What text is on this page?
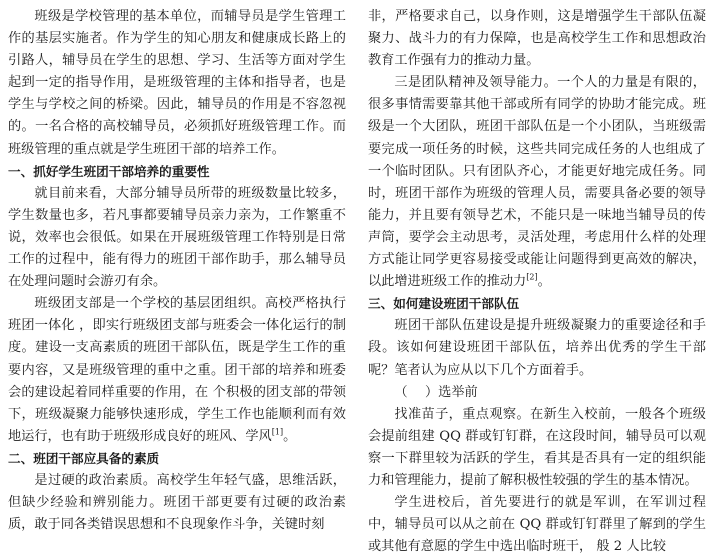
班级是学校管理的基本单位，而辅导员是学生管理工作的基层实施者。作为学生的知心朋友和健康成长路上的引路人，辅导员在学生的思想、学习、生活等方面对学生起到一定的指导作用，是班级管理的主体和指导者，也是学生与学校之间的桥梁。因此，辅导员的作用是不容忽视的。一名合格的高校辅导员，必须抓好班级管理工作。而班级管理的重点就是学生班团干部的培养工作。

一、抓好学生班团干部培养的重要性

就目前来看，大部分辅导员所带的班级数量比较多，学生数量也多，若凡事都要辅导员亲力亲为，工作繁重不说，效率也会很低。如果在开展班级管理工作特别是日常工作的过程中，能有得力的班团干部作助手，那么辅导员在处理问题时会游刃有余。

班级团支部是一个学校的基层团组织。高校严格执行 班团一体化 ，即实行班级团支部与班委会一体化运行的制度。建设一支高素质的班团干部队伍，既是学生工作的重要内容，又是班级管理的重中之重。团干部的培养和班委会的建设起着同样重要的作用，在 个积极的团支部的带领下，班级凝聚力能够快速形成，学生工作也能顺利而有效地运行，也有助于班级形成良好的班风、学风[1]。

二、班团干部应具备的素质

是过硬的政治素质。高校学生年轻气盛，思维活跃，但缺少经验和辨别能力。班团干部更要有过硬的政治素质，敢于同各类错误思想和不良现象作斗争，关键时刻

非，严格要求自己，以身作则，这是增强学生干部队伍凝聚力、战斗力的有力保障，也是高校学生工作和思想政治教育工作强有力的推动力量。

三是团队精神及领导能力。一个人的力量是有限的，很多事情需要靠其他干部或所有同学的协助才能完成。班级是一个大团队，班团干部队伍是一个小团队，当班级需要完成一项任务的时候，这些共同完成任务的人也组成了一个临时团队。只有团队齐心，才能更好地完成任务。同时，班团干部作为班级的管理人员，需要具备必要的领导能力，并且要有领导艺术，不能只是一味地当辅导员的传声筒，要学会主动思考，灵活处理，考虑用什么样的处理方式能让同学更容易接受或能让问题得到更高效的解决，以此增进班级工作的推动力[2]。

三、如何建设班团干部队伍

班团干部队伍建设是提升班级凝聚力的重要途径和手段。该如何建设班团干部队伍，培养出优秀的学生干部呢？笔者认为应从以下几个方面着手。

（　 ）选举前

找准苗子，重点观察。在新生入校前，一般各个班级会提前组建 QQ 群或钉钉群，在这段时间，辅导员可以观察一下群里较为活跃的学生，看其是否具有一定的组织能力和管理能力，提前了解积极性较强的学生的基本情况。

学生进校后，首先要进行的就是军训，在军训过程中，辅导员可以从之前在 QQ 群或钉钉群里了解到的学生或其他有意愿的学生中选出临时班干， 般 2 人比较
